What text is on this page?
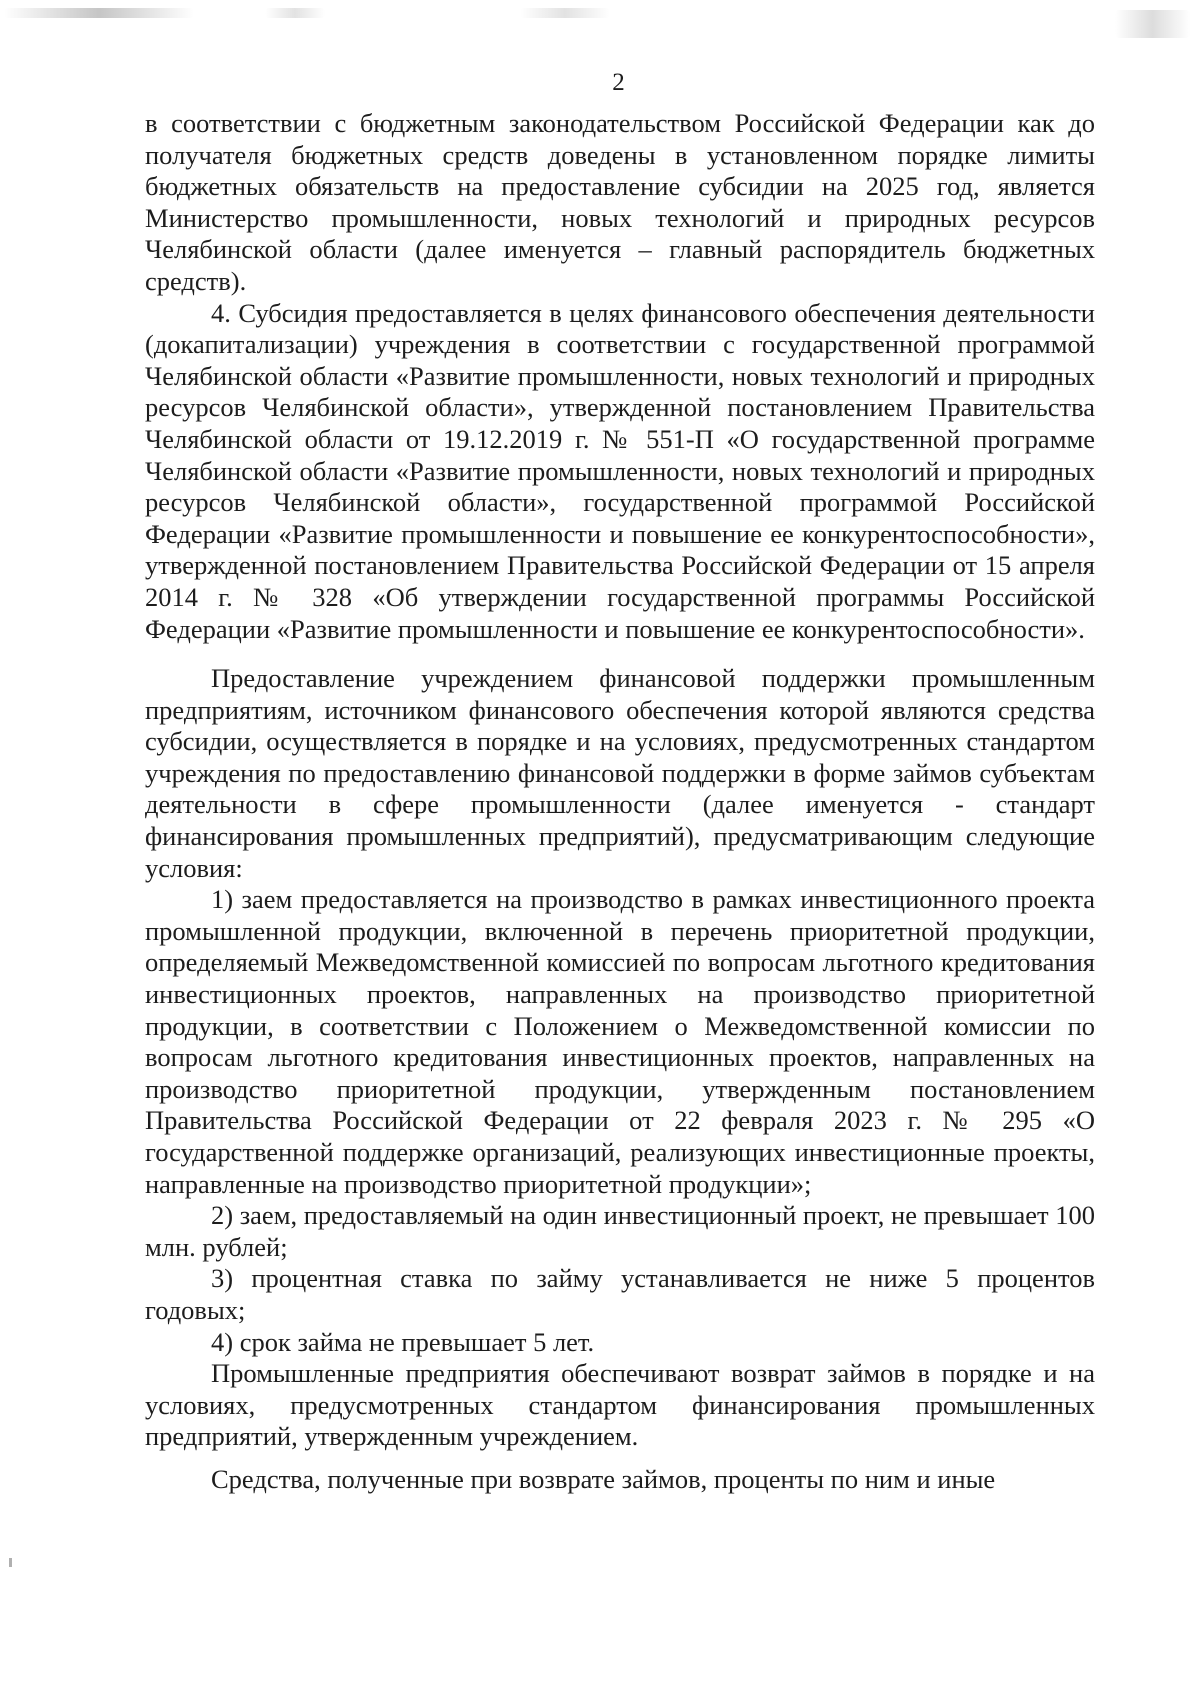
2

в соответствии с бюджетным законодательством Российской Федерации как до получателя бюджетных средств доведены в установленном порядке лимиты бюджетных обязательств на предоставление субсидии на 2025 год, является Министерство промышленности, новых технологий и природных ресурсов Челябинской области (далее именуется – главный распорядитель бюджетных средств).

4. Субсидия предоставляется в целях финансового обеспечения деятельности (докапитализации) учреждения в соответствии с государственной программой Челябинской области «Развитие промышленности, новых технологий и природных ресурсов Челябинской области», утвержденной постановлением Правительства Челябинской области от 19.12.2019 г. № 551-П «О государственной программе Челябинской области «Развитие промышленности, новых технологий и природных ресурсов Челябинской области», государственной программой Российской Федерации «Развитие промышленности и повышение ее конкурентоспособности», утвержденной постановлением Правительства Российской Федерации от 15 апреля 2014 г. № 328 «Об утверждении государственной программы Российской Федерации «Развитие промышленности и повышение ее конкурентоспособности».

Предоставление учреждением финансовой поддержки промышленным предприятиям, источником финансового обеспечения которой являются средства субсидии, осуществляется в порядке и на условиях, предусмотренных стандартом учреждения по предоставлению финансовой поддержки в форме займов субъектам деятельности в сфере промышленности (далее именуется - стандарт финансирования промышленных предприятий), предусматривающим следующие условия:

1) заем предоставляется на производство в рамках инвестиционного проекта промышленной продукции, включенной в перечень приоритетной продукции, определяемый Межведомственной комиссией по вопросам льготного кредитования инвестиционных проектов, направленных на производство приоритетной продукции, в соответствии с Положением о Межведомственной комиссии по вопросам льготного кредитования инвестиционных проектов, направленных на производство приоритетной продукции, утвержденным постановлением Правительства Российской Федерации от 22 февраля 2023 г. № 295 «О государственной поддержке организаций, реализующих инвестиционные проекты, направленные на производство приоритетной продукции»;

2) заем, предоставляемый на один инвестиционный проект, не превышает 100 млн. рублей;

3) процентная ставка по займу устанавливается не ниже 5 процентов годовых;

4) срок займа не превышает 5 лет.

Промышленные предприятия обеспечивают возврат займов в порядке и на условиях, предусмотренных стандартом финансирования промышленных предприятий, утвержденным учреждением.

Средства, полученные при возврате займов, проценты по ним и иные
